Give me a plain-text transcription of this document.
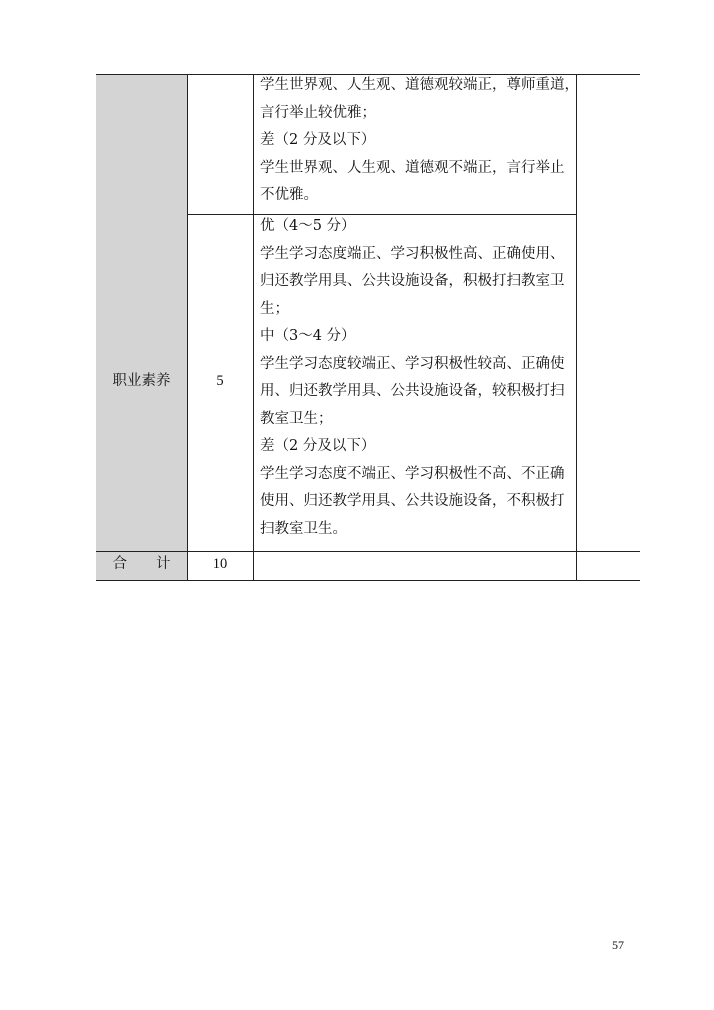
学生世界观、人生观、道德观较端正，尊师重道，
言行举止较优雅；
差（2 分及以下）
学生世界观、人生观、道德观不端正，言行举止
不优雅。
职业素养	5
优（4～5 分）
学生学习态度端正、学习积极性高、正确使用、
归还教学用具、公共设施设备，积极打扫教室卫
生；
中（3～4 分）
学生学习态度较端正、学习积极性较高、正确使
用、归还教学用具、公共设施设备，较积极打扫
教室卫生；
差（2 分及以下）
学生学习态度不端正、学习积极性不高、不正确
使用、归还教学用具、公共设施设备，不积极打
扫教室卫生。
合　　计	10
57
